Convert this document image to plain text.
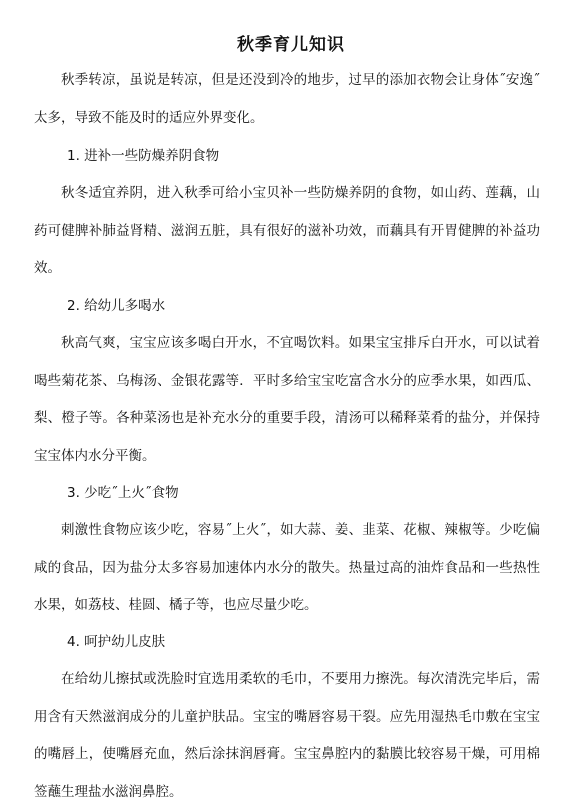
秋季育儿知识

秋季转凉，虽说是转凉，但是还没到冷的地步，过早的添加衣物会让身体˝安逸˝太多，导致不能及时的适应外界变化。

1. 进补一些防燥养阴食物

秋冬适宜养阴，进入秋季可给小宝贝补一些防燥养阴的食物，如山药、莲藕，山药可健脾补肺益肾精、滋润五脏，具有很好的滋补功效，而藕具有开胃健脾的补益功效。

2. 给幼儿多喝水

秋高气爽，宝宝应该多喝白开水，不宜喝饮料。如果宝宝排斥白开水，可以试着喝些菊花茶、乌梅汤、金银花露等．平时多给宝宝吃富含水分的应季水果，如西瓜、梨、橙子等。各种菜汤也是补充水分的重要手段，清汤可以稀释菜肴的盐分，并保持宝宝体内水分平衡。

3. 少吃˝上火˝食物

刺激性食物应该少吃，容易˝上火˝，如大蒜、姜、韭菜、花椒、辣椒等。少吃偏咸的食品，因为盐分太多容易加速体内水分的散失。热量过高的油炸食品和一些热性水果，如荔枝、桂圆、橘子等，也应尽量少吃。

4. 呵护幼儿皮肤

在给幼儿擦拭或洗脸时宜选用柔软的毛巾，不要用力擦洗。每次清洗完毕后，需用含有天然滋润成分的儿童护肤品。宝宝的嘴唇容易干裂。应先用湿热毛巾敷在宝宝的嘴唇上，使嘴唇充血，然后涂抹润唇膏。宝宝鼻腔内的黏膜比较容易干燥，可用棉签蘸生理盐水滋润鼻腔。
